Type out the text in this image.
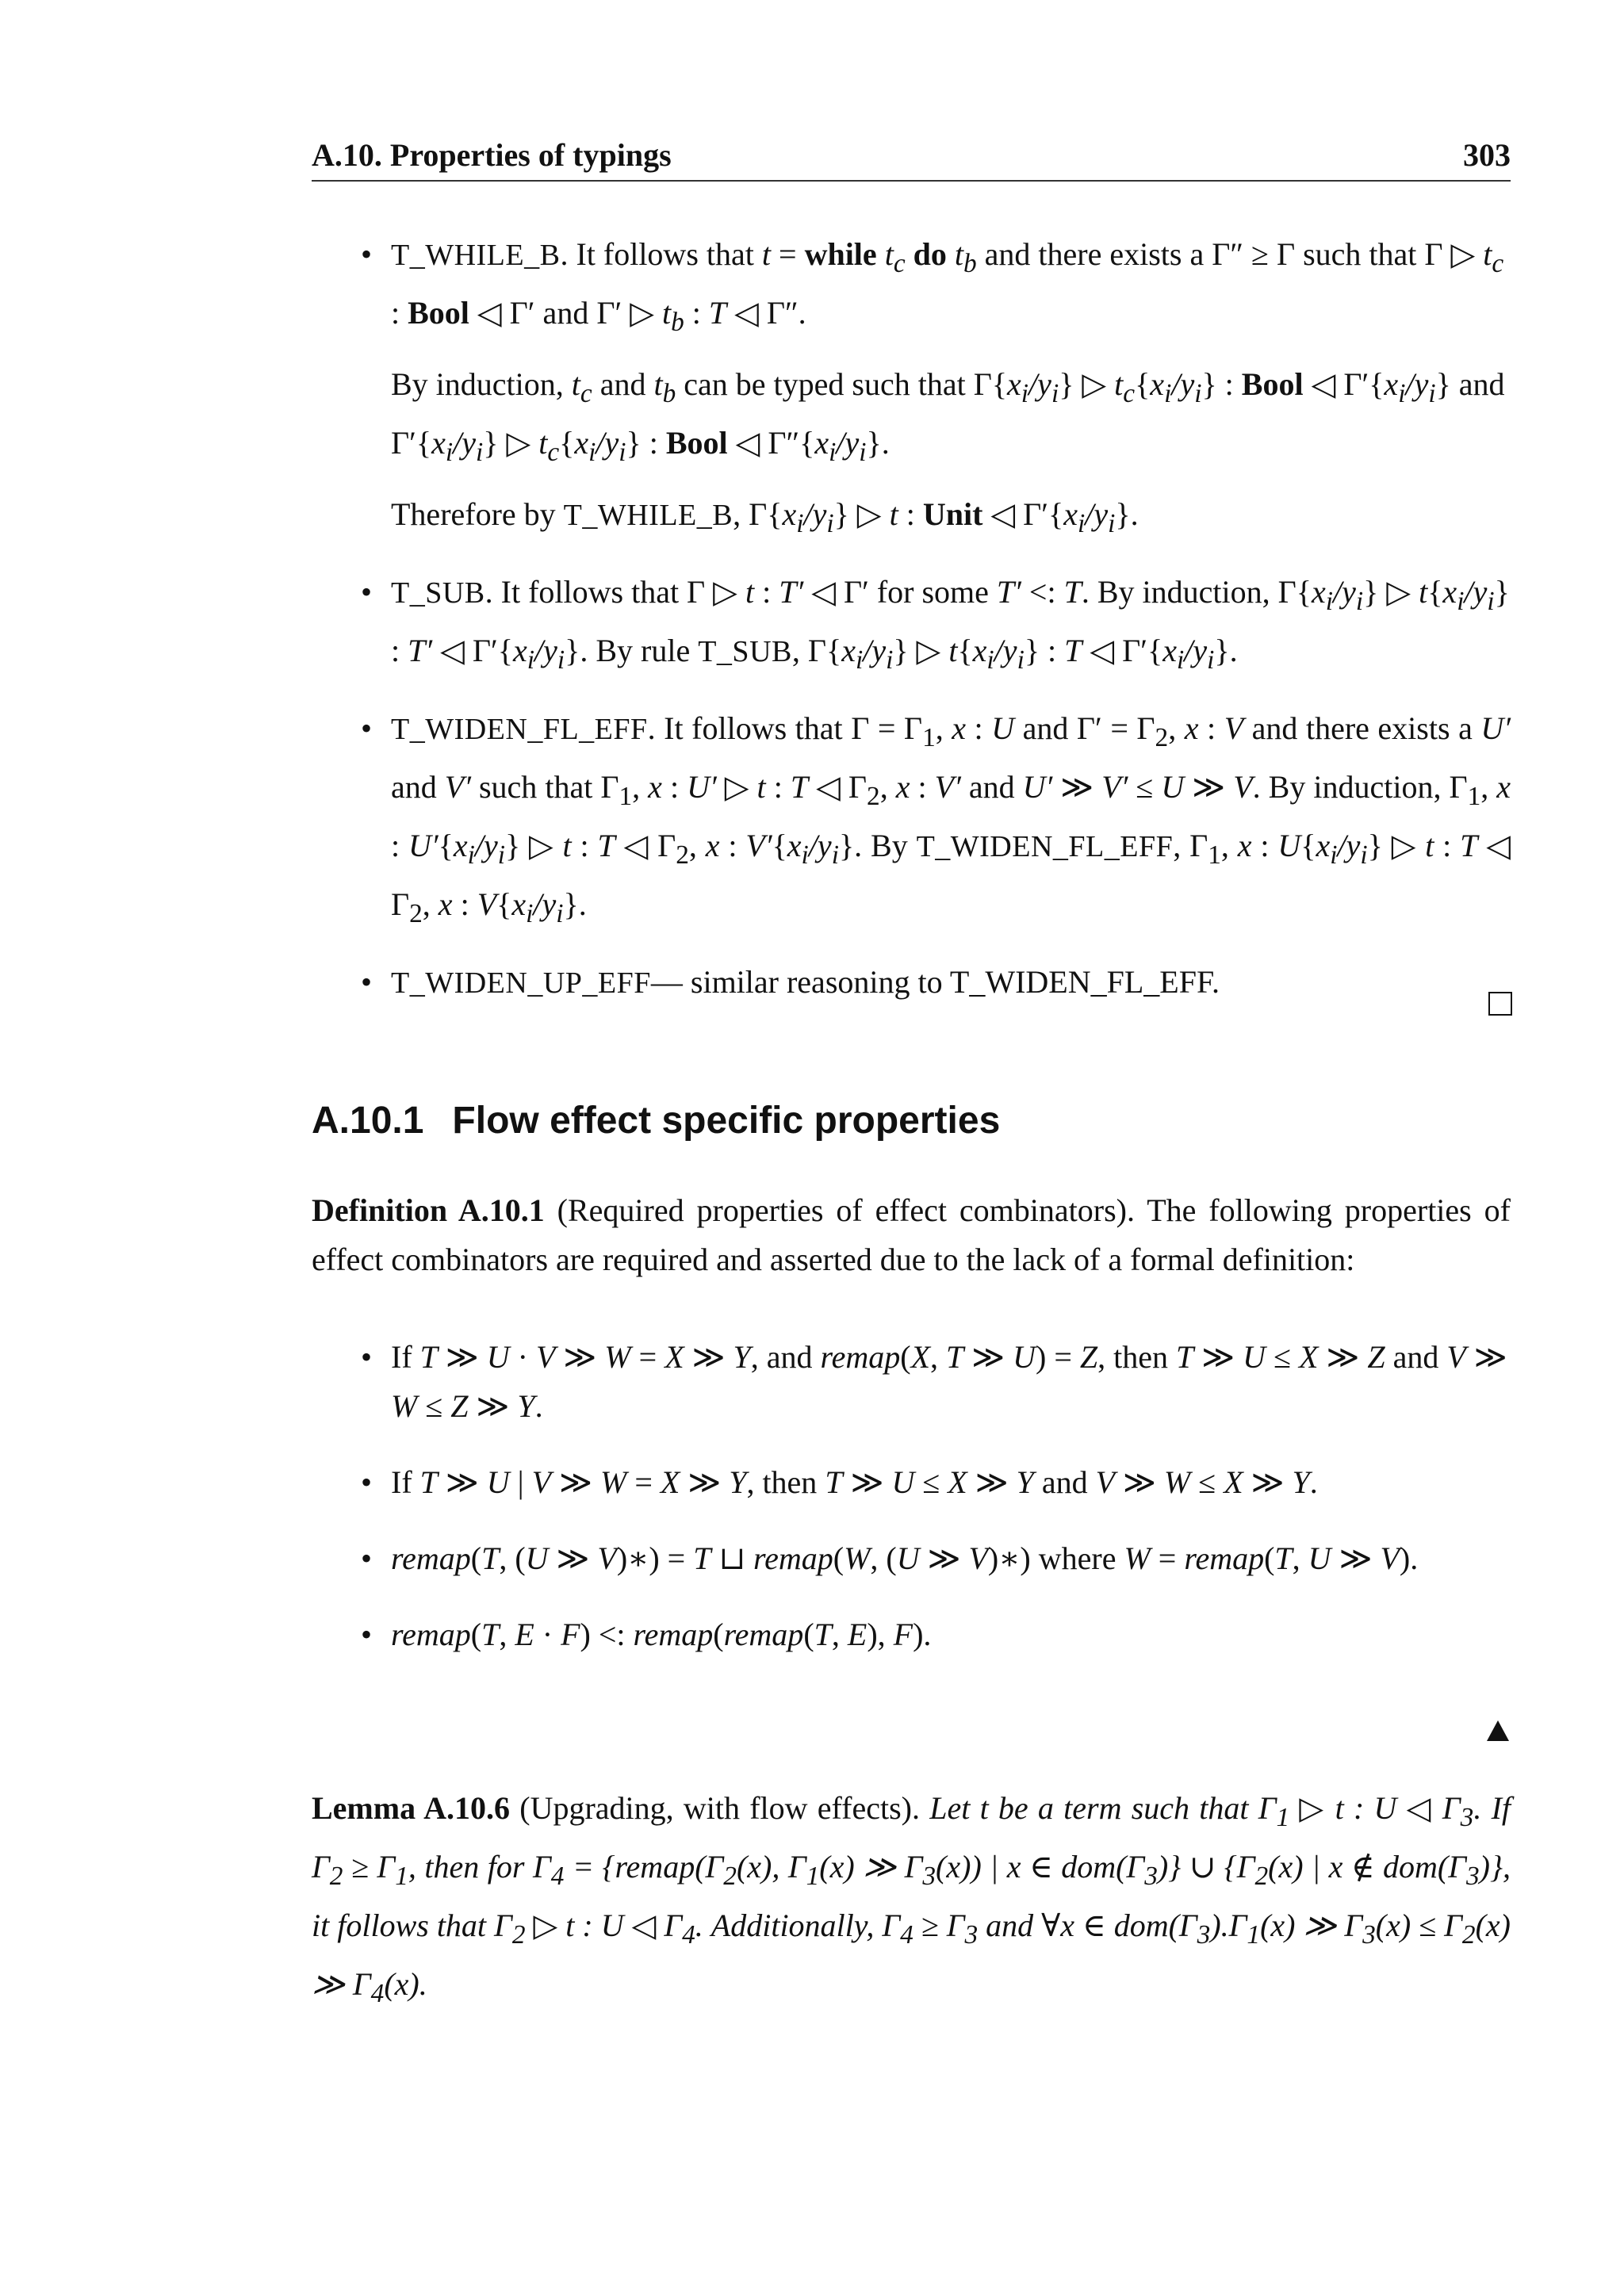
A.10. Properties of typings	303
• T_WHILE_B. It follows that t = while $t_c$ do $t_b$ and there exists a Γ″ ≥ Γ such that Γ ▷ $t_c$ : Bool ◁ Γ′ and Γ′ ▷ $t_b$ : T ◁ Γ″.

By induction, $t_c$ and $t_b$ can be typed such that $\Gamma\{x_i/y_i\}$ ▷ $t_c\{x_i/y_i\}$ : Bool ◁ $\Gamma'\{x_i/y_i\}$ and $\Gamma'\{x_i/y_i\}$ ▷ $t_c\{x_i/y_i\}$ : Bool ◁ $\Gamma''\{x_i/y_i\}$.

Therefore by T_WHILE_B, $\Gamma\{x_i/y_i\}$ ▷ t : Unit ◁ $\Gamma'\{x_i/y_i\}$.

• T_SUB. It follows that Γ ▷ t : T′ ◁ Γ′ for some T′ <: T. By induction, $\Gamma\{x_i/y_i\}$ ▷ $t\{x_i/y_i\}$ : T′ ◁ $\Gamma'\{x_i/y_i\}$. By rule T_SUB, $\Gamma\{x_i/y_i\}$ ▷ $t\{x_i/y_i\}$ : T ◁ $\Gamma'\{x_i/y_i\}$.

• T_WIDEN_FL_EFF. It follows that $\Gamma = \Gamma_1$, x : U and $\Gamma' = \Gamma_2$, x : V and there exists a U′ and V′ such that $\Gamma_1$, x : U′ ▷ t : T ◁ $\Gamma_2$, x : V′ and U′ ≫ V′ ≤ U ≫ V. By induction, $\Gamma_1$, x : $U'\{x_i/y_i\}$ ▷ t : T ◁ $\Gamma_2$, x : $V'\{x_i/y_i\}$. By T_WIDEN_FL_EFF, $\Gamma_1$, x : $U\{x_i/y_i\}$ ▷ t : T ◁ $\Gamma_2$, x : $V\{x_i/y_i\}$.

• T_WIDEN_UP_EFF— similar reasoning to T_WIDEN_FL_EFF.

A.10.1 Flow effect specific properties

Definition A.10.1 (Required properties of effect combinators). The following properties of effect combinators are required and asserted due to the lack of a formal definition:

• If T ≫ U · V ≫ W = X ≫ Y, and remap(X, T ≫ U) = Z, then T ≫ U ≤ X ≫ Z and V ≫ W ≤ Z ≫ Y.

• If T ≫ U | V ≫ W = X ≫ Y, then T ≫ U ≤ X ≫ Y and V ≫ W ≤ X ≫ Y.

• remap(T, (U ≫ V)∗) = T ⊔ remap(W, (U ≫ V)∗) where W = remap(T, U ≫ V).

• remap(T, E · F) <: remap(remap(T, E), F).

Lemma A.10.6 (Upgrading, with flow effects). Let t be a term such that $\Gamma_1$ ▷ t : U ◁ $\Gamma_3$. If $\Gamma_2 \ge \Gamma_1$, then for $\Gamma_4$ = {$remap(\Gamma_2(x)$, $\Gamma_1(x)$ ≫ $\Gamma_3(x)$) | x ∈ $dom(\Gamma_3)$} ∪ {$\Gamma_2(x)$ | x ∉ $dom(\Gamma_3)$}, it follows that $\Gamma_2$ ▷ t : U ◁ $\Gamma_4$. Additionally, $\Gamma_4 \ge \Gamma_3$ and ∀x ∈ $dom(\Gamma_3).\Gamma_1(x)$ ≫ $\Gamma_3(x) \le \Gamma_2(x)$ ≫ $\Gamma_4(x)$.
